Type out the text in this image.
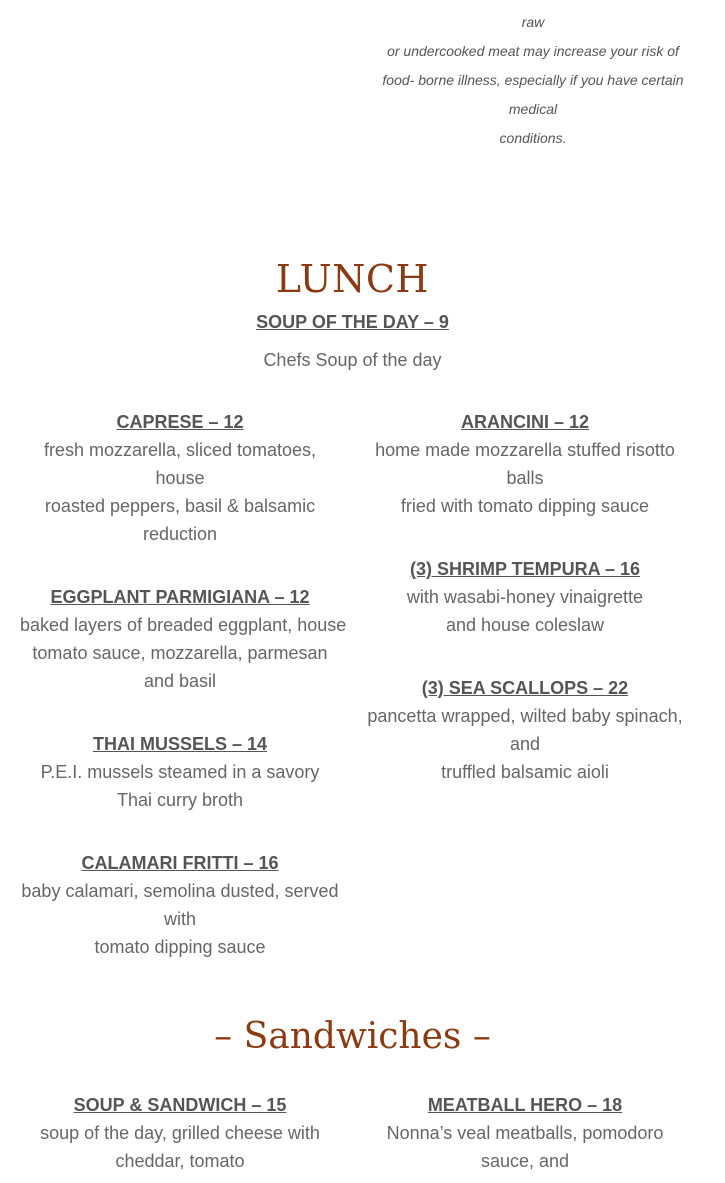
raw
or undercooked meat may increase your risk of
food- borne illness, especially if you have certain
medical
conditions.
LUNCH
SOUP OF THE DAY – 9
Chefs Soup of the day
CAPRESE – 12
fresh mozzarella, sliced tomatoes,
house
roasted peppers, basil & balsamic
reduction
EGGPLANT PARMIGIANA – 12
baked layers of breaded eggplant, house
tomato sauce, mozzarella, parmesan
and basil
THAI MUSSELS – 14
P.E.I. mussels steamed in a savory
Thai curry broth
CALAMARI FRITTI – 16
baby calamari, semolina dusted, served
with
tomato dipping sauce
ARANCINI – 12
home made mozzarella stuffed risotto
balls
fried with tomato dipping sauce
(3) SHRIMP TEMPURA – 16
with wasabi-honey vinaigrette
and house coleslaw
(3) SEA SCALLOPS – 22
pancetta wrapped, wilted baby spinach,
and
truffled balsamic aioli
– Sandwiches –
SOUP & SANDWICH – 15
soup of the day, grilled cheese with
cheddar, tomato
MEATBALL HERO – 18
Nonna’s veal meatballs, pomodoro
sauce, and
